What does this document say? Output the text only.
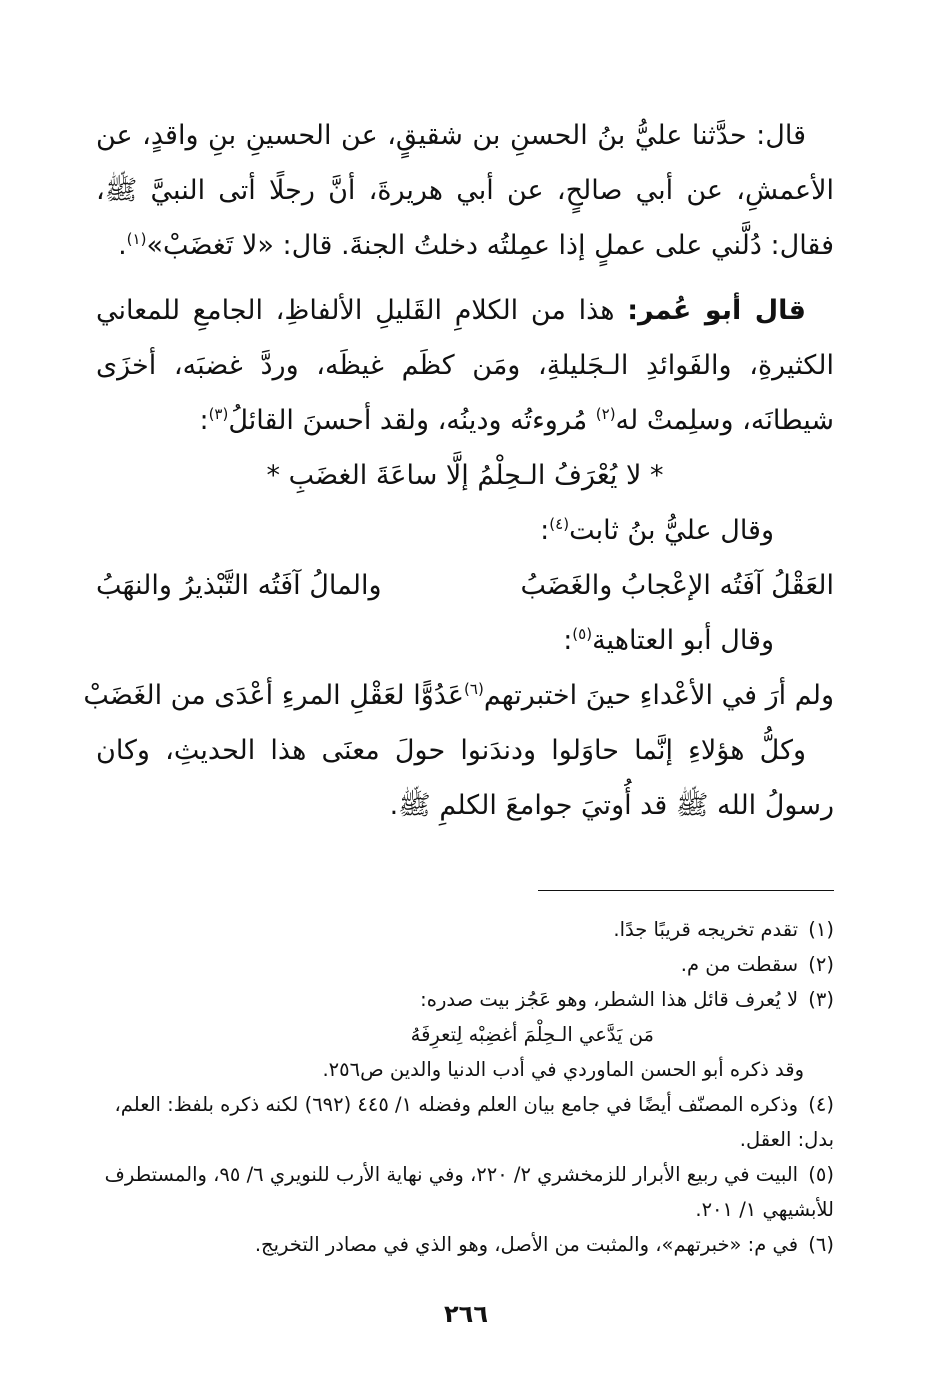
قال: حدَّثنا عليُّ بنُ الحسنِ بن شقيقٍ، عن الحسينِ بنِ واقدٍ، عن الأعمشِ، عن أبي صالحٍ، عن أبي هريرةَ، أنَّ رجلًا أتى النبيَّ ﷺ، فقال: دُلَّني على عملٍ إذا عمِلتُه دخلتُ الجنةَ. قال: «لا تَغضَبْ»$^{(١)}$.

قال أبو عُمر: هذا من الكلامِ القَليلِ الألفاظِ، الجامعِ للمعاني الكثيرةِ، والفَوائدِ الـجَليلةِ، ومَن كظَم غيظَه، وردَّ غضبَه، أخزَى شيطانَه، وسلِمتْ له$^{(٢)}$ مُروءتُه ودينُه، ولقد أحسنَ القائلُ$^{(٣)}$:

* لا يُعْرَفُ الـحِلْمُ إلَّا ساعَةَ الغضَبِ *

وقال عليُّ بنُ ثابت$^{(٤)}$:

العَقْلُ آفَتُه الإعْجابُ والغَضَبُ
والمالُ آفَتُه التَّبْذيرُ والنهَبُ

وقال أبو العتاهية$^{(٥)}$:

ولم أرَ في الأعْداءِ حينَ اختبرتهم$^{(٦)}$
عَدُوًّا لعَقْلِ المرءِ أعْدَى من الغَضَبْ

وكلُّ هؤلاءِ إنَّما حاوَلوا ودندَنوا حولَ معنَى هذا الحديثِ، وكان رسولُ الله ﷺ قد أُوتيَ جوامعَ الكلمِ ﷺ.

(١) تقدم تخريجه قريبًا جدًا.

(٢) سقطت من م.

(٣) لا يُعرف قائل هذا الشطر، وهو عَجُز بيت صدره:

مَن يَدَّعي الـحِلْمَ أغضِبْه لِتعرِفَهُ

وقد ذكره أبو الحسن الماوردي في أدب الدنيا والدين ص٢٥٦.

(٤) وذكره المصنّف أيضًا في جامع بيان العلم وفضله ١/ ٤٤٥ (٦٩٢) لكنه ذكره بلفظ: العلم، بدل: العقل.

(٥) البيت في ربيع الأبرار للزمخشري ٢/ ٢٢٠، وفي نهاية الأرب للنويري ٦/ ٩٥، والمستطرف للأبشيهي ١/ ٢٠١.

(٦) في م: «خبرتهم»، والمثبت من الأصل، وهو الذي في مصادر التخريج.

٢٦٦
